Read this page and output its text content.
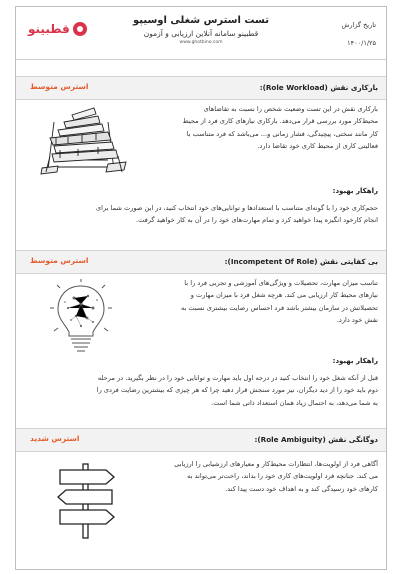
قطبینو
تست استرس شغلی اوسیپو
قطبینو سامانه آنلاین ارزیابی و آزمون
www.ghotbino.com
تاریخ گزارش
۱۴۰۰/۱/۲۵
بارکاری نقش (Role Workload):
استرس متوسط
بارکاری نقش در این تست وضعیت شخص را نسبت به تقاضاهای
محیط‌کار مورد بررسی قرار می‌دهد. بارکاری نیازهای کاری فرد از محیط
کار مانند سختی، پیچیدگی، فشار زمانی و... می‌باشد که فرد متناسب با
فعالیتی کاری از محیط کاری خود تقاضا دارد.
راهکار بهبود:
حجم‌کاری خود را با گونه‌ای متناسب با استعدادها و توانایی‌های خود انتخاب کنید، در این صورت شما برای
انجام کارخود انگیزه پیدا خواهید کرد و تمام مهارت‌های خود را در آن به کار خواهید گرفت.
بی کفایتی نقش (Incompetent Of Role):
استرس متوسط
تناسب میزان مهارت، تحصیلات و ویژگی‌های آموزشی و تجربی فرد را با
نیازهای محیط کار ارزیابی می کند. هرچه شغل فرد با میزان مهارت و
تحصیلاتش در سازمان بیشتر باشد فرد احساس رضایت بیشتری نسبت به
نقش خود دارد.
راهکار بهبود:
قبل از آنکه شغل خود را انتخاب کنید در درجه اول باید مهارت و توانایی خود را در نظر بگیرید. در مرحله
دوم باید خود را از دید دیگران، نیز مورد سنجش قرار دهید چرا که هر چیزی که بیشترین رضایت فردی را
به شما می‌دهد، به احتمال زیاد همان استعداد ذاتی شما است.
دوگانگی نقش (Role Ambiguity):
استرس شدید
آگاهی فرد از اولویت‌ها، انتظارات محیط‌کار و معیارهای ارزشیابی را ارزیابی
می کند. جنانچه فرد اولویت‌های کاری خود را بداند، راحت‌تر می‌تواند به
کارهای خود رسیدگی کند و به اهداف خود دست پیدا کند.
